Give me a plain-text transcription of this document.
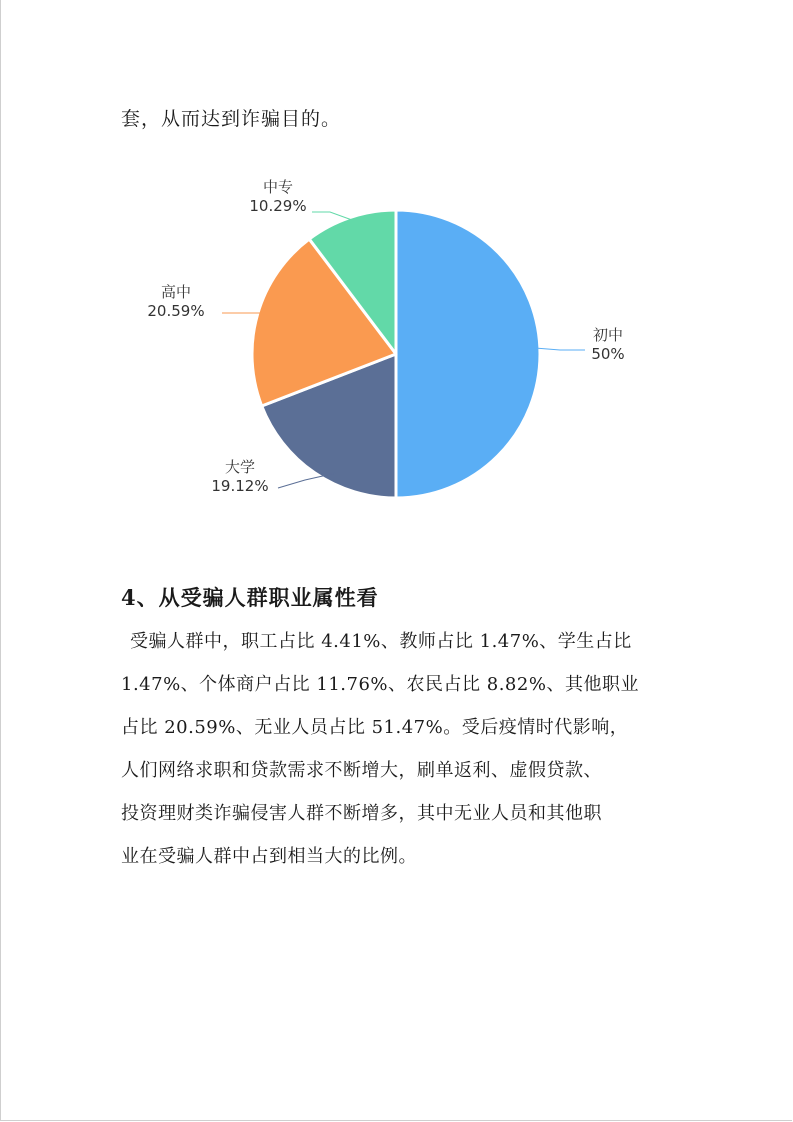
套，从而达到诈骗目的。
初中
50%
大学
19.12%
高中
20.59%
中专
10.29%
4、从受骗人群职业属性看

受骗人群中，职工占比 4.41%、教师占比 1.47%、学生占比

1.47%、个体商户占比 11.76%、农民占比 8.82%、其他职业

占比 20.59%、无业人员占比 51.47%。受后疫情时代影响，

人们网络求职和贷款需求不断增大，刷单返利、虚假贷款、

投资理财类诈骗侵害人群不断增多，其中无业人员和其他职

业在受骗人群中占到相当大的比例。
